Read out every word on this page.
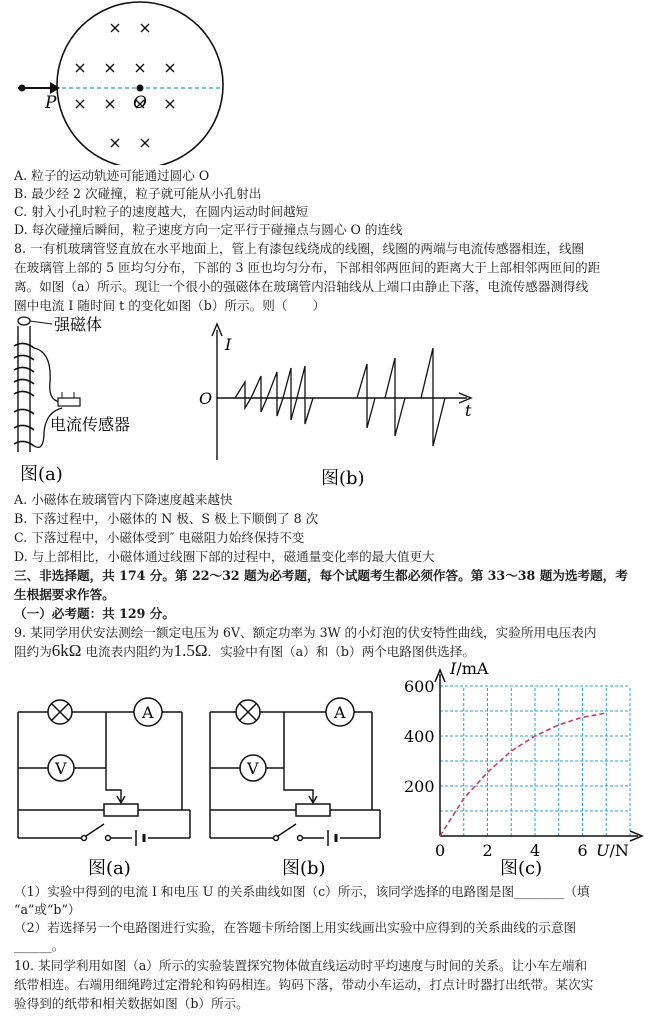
P	O
A. 粒子的运动轨迹可能通过圆心 O
B. 最少经 2 次碰撞，粒子就可能从小孔射出
C. 射入小孔时粒子的速度越大，在圆内运动时间越短
D. 每次碰撞后瞬间，粒子速度方向一定平行于碰撞点与圆心 O 的连线
8. 一有机玻璃管竖直放在水平地面上，管上有漆包线绕成的线圈，线圈的两端与电流传感器相连，线圈
在玻璃管上部的 5 匝均匀分布，下部的 3 匝也均匀分布，下部相邻两匝间的距离大于上部相邻两匝间的距
离。如图（a）所示。现让一个很小的强磁体在玻璃管内沿轴线从上端口由静止下落，电流传感器测得线
圈中电流 I 随时间 t 的变化如图（b）所示。则（　　）
强磁体
电流传感器
图(a)
I
t
O
图(b)
A. 小磁体在玻璃管内下降速度越来越快
B. 下落过程中，小磁体的 N 极、S 极上下顺倒了 8 次
C. 下落过程中，小磁体受到″ 电磁阻力始终保持不变
D. 与上部相比，小磁体通过线圈下部的过程中，磁通量变化率的最大值更大
三、非选择题，共 174 分。第 22～32 题为必考题，每个试题考生都必须作答。第 33～38 题为选考题，考
生根据要求作答。
（一）必考题：共 129 分。
9. 某同学用伏安法测绘一额定电压为 6V、额定功率为 3W 的小灯泡的伏安特性曲线，实验所用电压表内
阻约为6kΩ 电流表内阻约为1.5Ω．实验中有图（a）和（b）两个电路图供选择。
A
V
图(a)
A
V
图(b)
0 2 4 6
200
400
600
I/mA
U/N
图(c)
（1）实验中得到的电流 I 和电压 U 的关系曲线如图（c）所示，该同学选择的电路图是图________（填
“a”或“b”）
（2）若选择另一个电路图进行实验，在答题卡所给图上用实线画出实验中应得到的关系曲线的示意图
______。
10. 某同学利用如图（a）所示的实验装置探究物体做直线运动时平均速度与时间的关系。让小车左端和
纸带相连。右端用细绳跨过定滑轮和钩码相连。钩码下落，带动小车运动，打点计时器打出纸带。某次实
验得到的纸带和相关数据如图（b）所示。
